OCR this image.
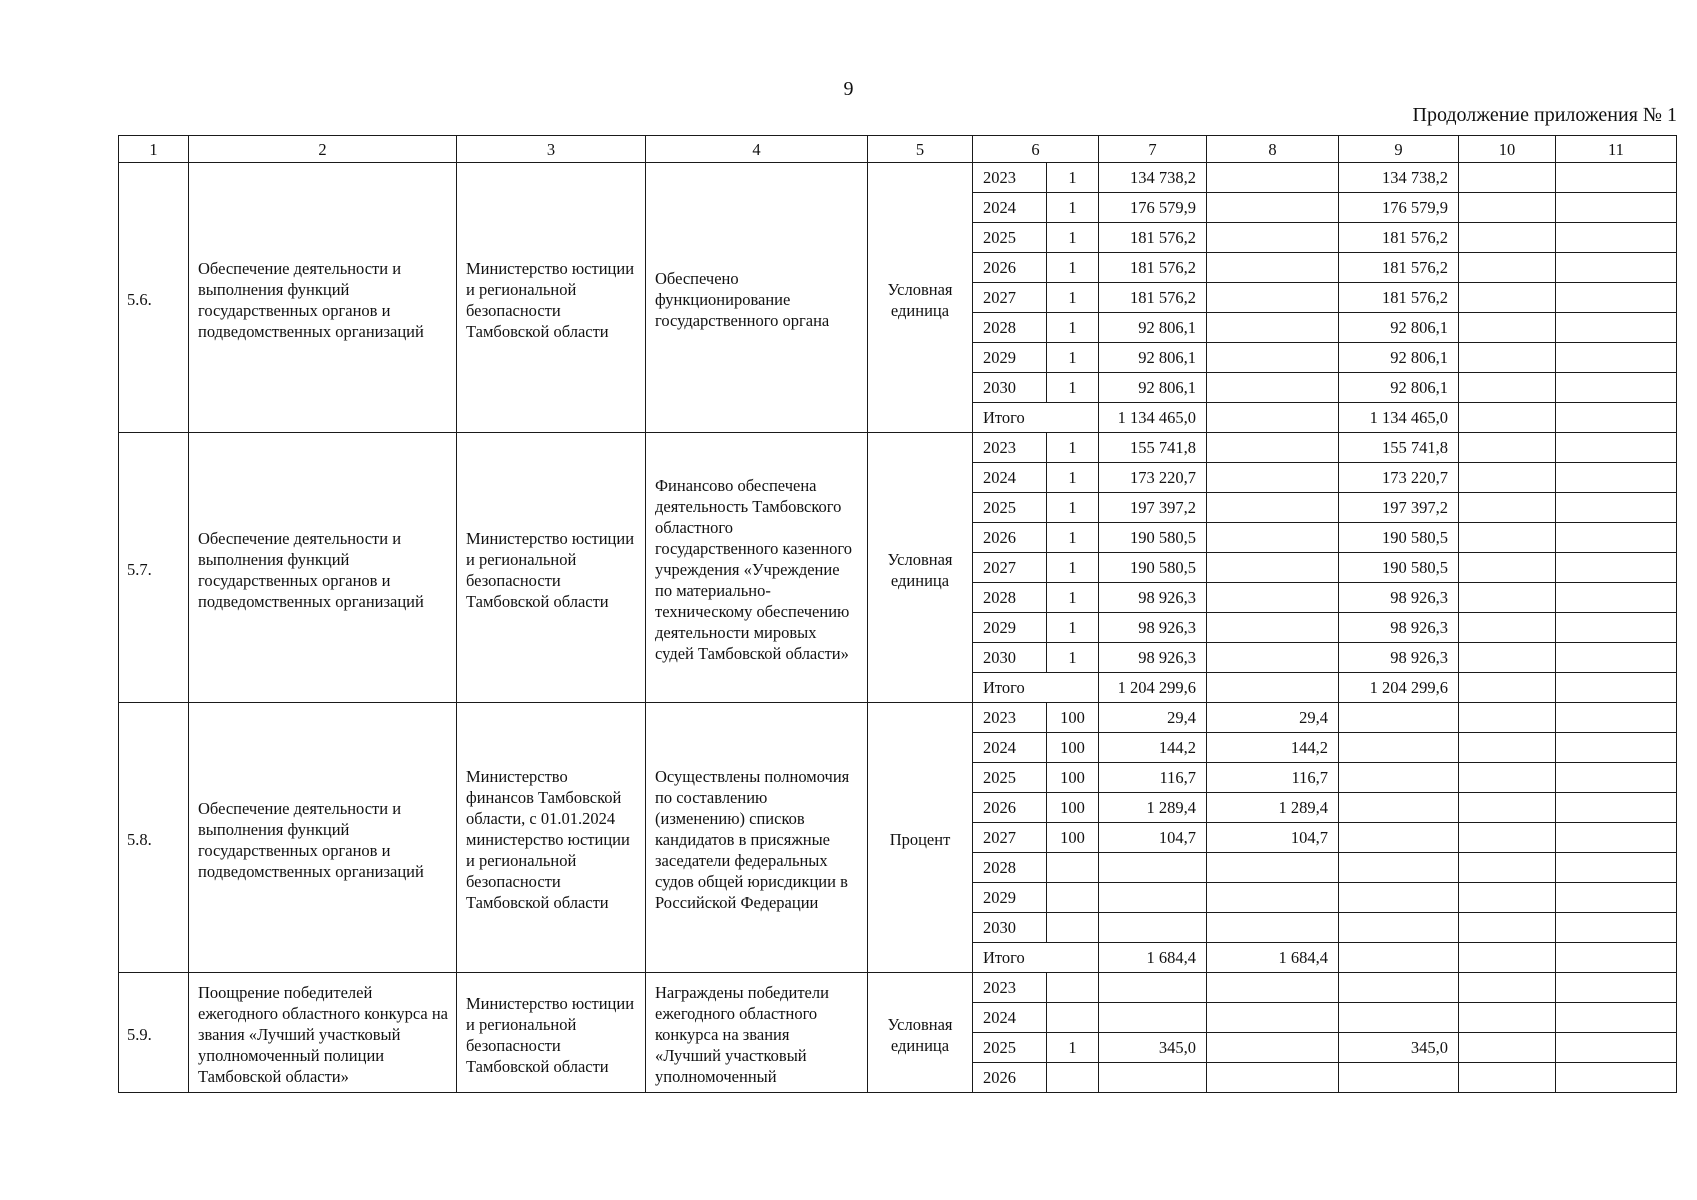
9
Продолжение приложения № 1
1	2	3	4	5	6		7	8	9	10	11
5.6.	Обеспечение деятельности и выполнения функций государственных органов и подведомственных организаций	Министерство юстиции и региональной безопасности Тамбовской области	Обеспечено функционирование государственного органа	Условная единица	2023	1	134 738,2		134 738,2		
					2024	1	176 579,9		176 579,9		
					2025	1	181 576,2		181 576,2		
					2026	1	181 576,2		181 576,2		
					2027	1	181 576,2		181 576,2		
					2028	1	92 806,1		92 806,1		
					2029	1	92 806,1		92 806,1		
					2030	1	92 806,1		92 806,1		
					Итого		1 134 465,0		1 134 465,0		
5.7.	Обеспечение деятельности и выполнения функций государственных органов и подведомственных организаций	Министерство юстиции и региональной безопасности Тамбовской области	Финансово обеспечена деятельность Тамбовского областного государственного казенного учреждения «Учреждение по материально-техническому обеспечению деятельности мировых судей Тамбовской области»	Условная единица	2023	1	155 741,8		155 741,8		
					2024	1	173 220,7		173 220,7		
					2025	1	197 397,2		197 397,2		
					2026	1	190 580,5		190 580,5		
					2027	1	190 580,5		190 580,5		
					2028	1	98 926,3		98 926,3		
					2029	1	98 926,3		98 926,3		
					2030	1	98 926,3		98 926,3		
					Итого		1 204 299,6		1 204 299,6		
5.8.	Обеспечение деятельности и выполнения функций государственных органов и подведомственных организаций	Министерство финансов Тамбовской области, с 01.01.2024 министерство юстиции и региональной безопасности Тамбовской области	Осуществлены полномочия по составлению (изменению) списков кандидатов в присяжные заседатели федеральных судов общей юрисдикции в Российской Федерации	Процент	2023	100	29,4	29,4			
					2024	100	144,2	144,2			
					2025	100	116,7	116,7			
					2026	100	1 289,4	1 289,4			
					2027	100	104,7	104,7			
					2028						
					2029						
					2030						
					Итого		1 684,4	1 684,4			
5.9.	Поощрение победителей ежегодного областного конкурса на звания «Лучший участковый уполномоченный полиции Тамбовской области»	Министерство юстиции и региональной безопасности Тамбовской области	Награждены победители ежегодного областного конкурса на звания «Лучший участковый уполномоченный	Условная единица	2023						
					2024						
					2025	1	345,0		345,0		
					2026						
